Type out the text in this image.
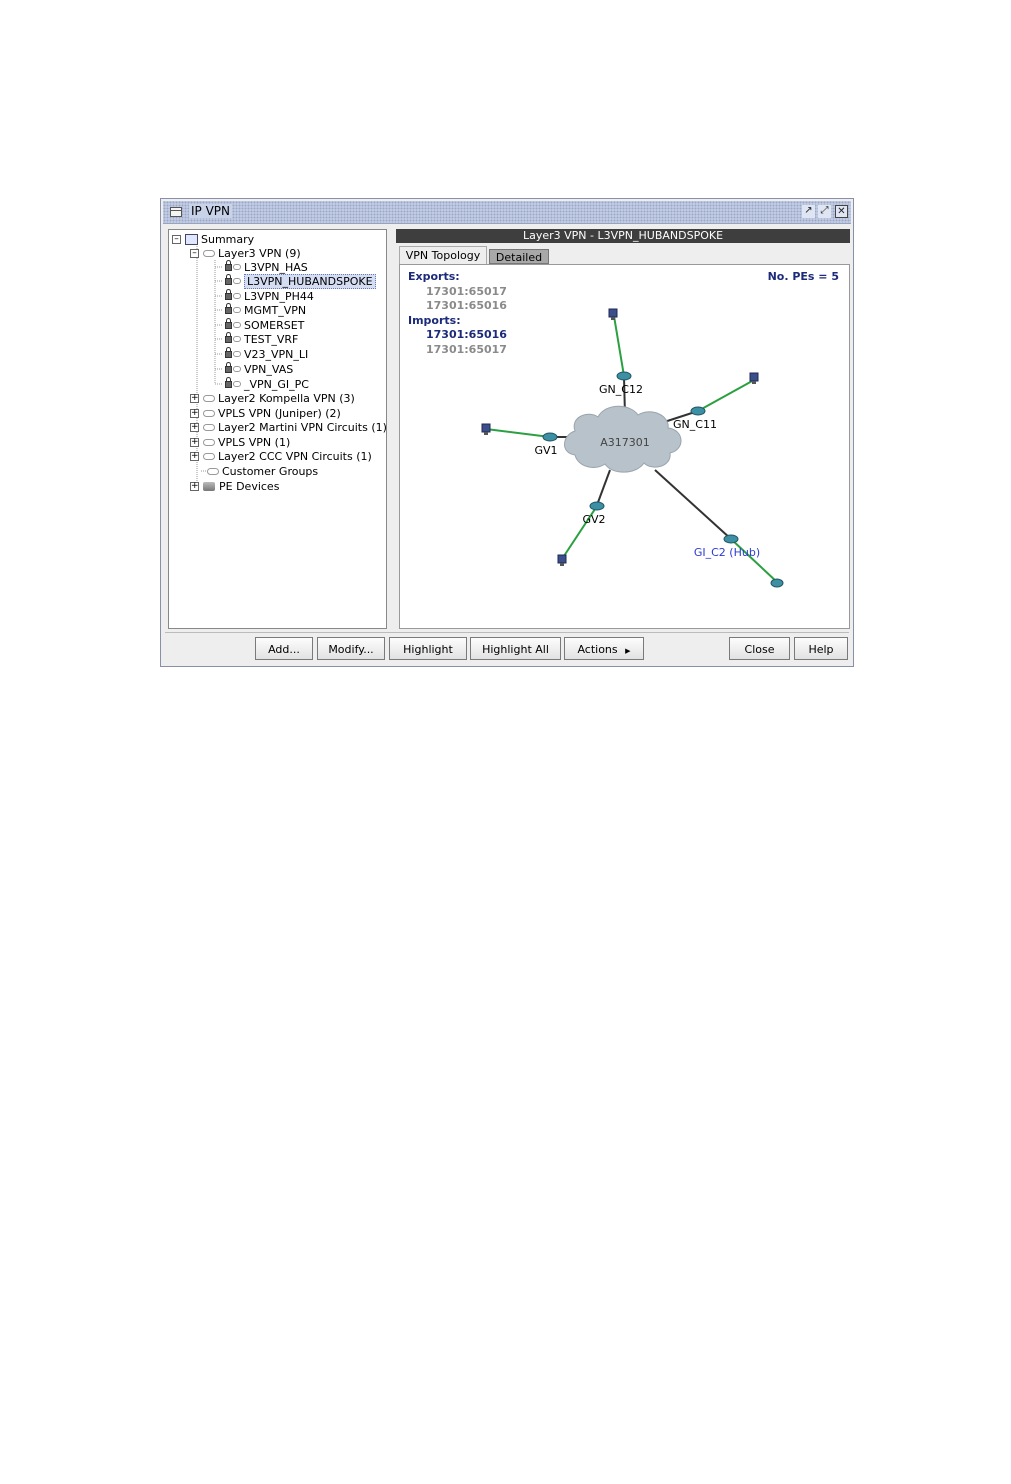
IP VPN	↗ ⤢ ✕
– Summary
– Layer3 VPN (9)
L3VPN_HAS
L3VPN_HUBANDSPOKE
L3VPN_PH44
MGMT_VPN
SOMERSET
TEST_VRF
V23_VPN_LI
VPN_VAS
_VPN_GI_PC
+ Layer2 Kompella VPN (3)
+ VPLS VPN (Juniper) (2)
+ Layer2 Martini VPN Circuits (1)
+ VPLS VPN (1)
+ Layer2 CCC VPN Circuits (1)
Customer Groups
+ PE Devices
Layer3 VPN - L3VPN_HUBANDSPOKE
VPN Topology	Detailed
Exports:
17301:65017
17301:65016
Imports:
17301:65016
17301:65017
No. PEs = 5
A317301
GN_C12
GN_C11
GV1
GV2
GI_C2 (Hub)
Add...	Modify...	Highlight	Highlight All	Actions ▶	Close	Help
